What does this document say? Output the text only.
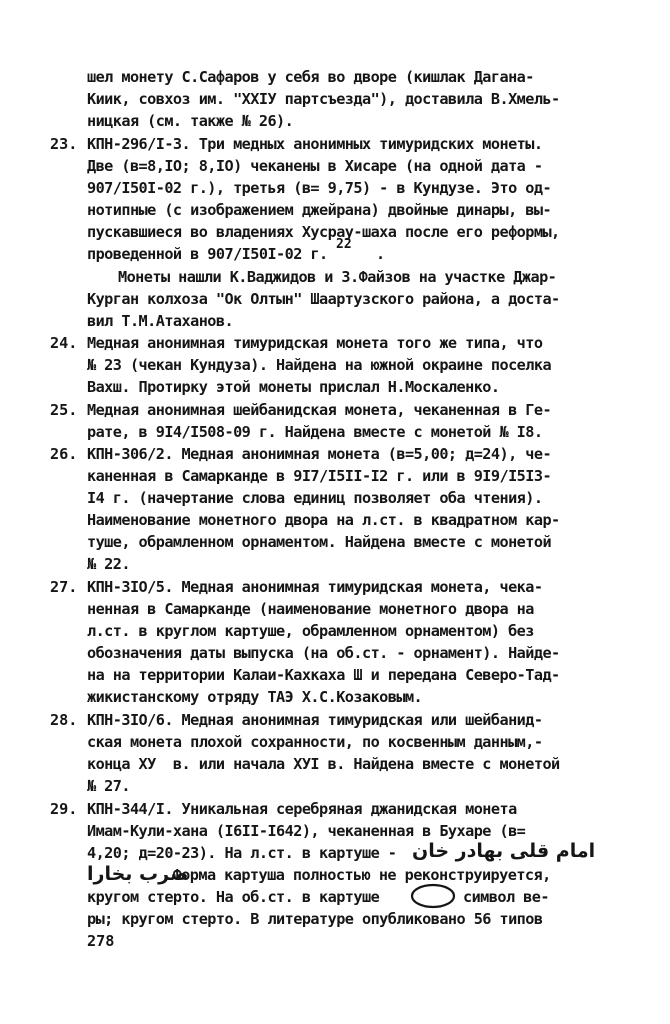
шел монету С.Сафаров у себя во дворе (кишлак Дагана-
Киик, совхоз им. "XXIУ партсъезда"), доставила В.Хмель-
ницкая (см. также № 26).
23. КПН-296/I-3. Три медных анонимных тимуридских монеты.
Две (в=8,IO; 8,IO) чеканены в Хисаре (на одной дата -
907/I50I-02 г.), третья (в= 9,75) - в Кундузе. Это од-
нотипные (с изображением джейрана) двойные динары, вы-
пускавшиеся во владениях Хусрау-шаха после его реформы,
проведенной в 907/I50I-02 г.
22
.
Монеты нашли К.Ваджидов и З.Файзов на участке Джар-
Курган колхоза "Ок Олтын" Шаартузского района, а доста-
вил Т.М.Атаханов.
24. Медная анонимная тимуридская монета того же типа, что
№ 23 (чекан Кундуза). Найдена на южной окраине поселка
Вахш. Протирку этой монеты прислал Н.Москаленко.
25. Медная анонимная шейбанидская монета, чеканенная в Ге-
рате, в 9I4/I508-09 г. Найдена вместе с монетой № I8.
26. КПН-306/2. Медная анонимная монета (в=5,00; д=24), че-
каненная в Самарканде в 9I7/I5II-I2 г. или в 9I9/I5I3-
I4 г. (начертание слова единиц позволяет оба чтения).
Наименование монетного двора на л.ст. в квадратном кар-
туше, обрамленном орнаментом. Найдена вместе с монетой
№ 22.
27. КПН-3IO/5. Медная анонимная тимуридская монета, чека-
ненная в Самарканде (наименование монетного двора на
л.ст. в круглом картуше, обрамленном орнаментом) без
обозначения даты выпуска (на об.ст. - орнамент). Найде-
на на территории Калаи-Кахкаха Ш и передана Северо-Тад-
жикистанскому отряду ТАЭ Х.С.Козаковым.
28. КПН-3IO/6. Медная анонимная тимуридская или шейбанид-
ская монета плохой сохранности, по косвенным данным,-
конца ХУ  в. или начала ХУI в. Найдена вместе с монетой
№ 27.
29. КПН-344/I. Уникальная серебряная джанидская монета
Имам-Кули-хана (I6II-I642), чеканенная в Бухаре (в=
4,20; д=20-23). На л.ст. в картуше - امام قلی بهادر خان
ضرب بخارا
.Форма картуша полностью не реконструируется,
кругом стерто. На об.ст. в картуше	символ ве-
ры; кругом стерто. В литературе опубликовано 56 типов
278
